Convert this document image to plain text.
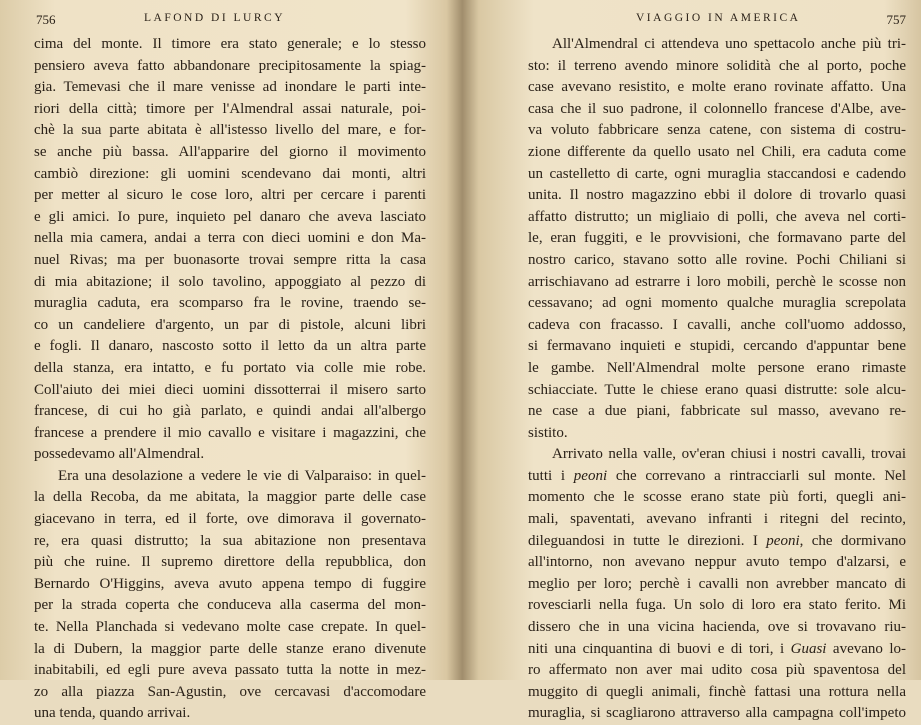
756	LAFOND DI LURCY
cima del monte. Il timore era stato generale; e lo stesso
pensiero aveva fatto abbandonare precipitosamente la spiag-
gia. Temevasi che il mare venisse ad inondare le parti inte-
riori della città; timore per l'Almendral assai naturale, poi-
chè la sua parte abitata è all'istesso livello del mare, e for-
se anche più bassa. All'apparire del giorno il movimento
cambiò direzione: gli uomini scendevano dai monti, altri
per metter al sicuro le cose loro, altri per cercare i parenti
e gli amici. Io pure, inquieto pel danaro che aveva lasciato
nella mia camera, andai a terra con dieci uomini e don Ma-
nuel Rivas; ma per buonasorte trovai sempre ritta la casa
di mia abitazione; il solo tavolino, appoggiato al pezzo di
muraglia caduta, era scomparso fra le rovine, traendo se-
co un candeliere d'argento, un par di pistole, alcuni libri
e fogli. Il danaro, nascosto sotto il letto da un altra parte
della stanza, era intatto, e fu portato via colle mie robe.
Coll'aiuto dei miei dieci uomini dissotterrai il misero sarto
francese, di cui ho già parlato, e quindi andai all'albergo
francese a prendere il mio cavallo e visitare i magazzini, che
possedevamo all'Almendral.
Era una desolazione a vedere le vie di Valparaiso: in quel-
la della Recoba, da me abitata, la maggior parte delle case
giacevano in terra, ed il forte, ove dimorava il governato-
re, era quasi distrutto; la sua abitazione non presentava
più che ruine. Il supremo direttore della repubblica, don
Bernardo O'Higgins, aveva avuto appena tempo di fuggire
per la strada coperta che conduceva alla caserma del mon-
te. Nella Planchada si vedevano molte case crepate. In quel-
la di Dubern, la maggior parte delle stanze erano divenute
inabitabili, ed egli pure aveva passato tutta la notte in mez-
zo alla piazza San-Agustin, ove cercavasi d'accomodare
una tenda, quando arrivai.
VIAGGIO IN AMERICA	757
All'Almendral ci attendeva uno spettacolo anche più tri-
sto: il terreno avendo minore solidità che al porto, poche
case avevano resistito, e molte erano rovinate affatto. Una
casa che il suo padrone, il colonnello francese d'Albe, ave-
va voluto fabbricare senza catene, con sistema di costru-
zione differente da quello usato nel Chili, era caduta come
un castelletto di carte, ogni muraglia staccandosi e cadendo
unita. Il nostro magazzino ebbi il dolore di trovarlo quasi
affatto distrutto; un migliaio di polli, che aveva nel corti-
le, eran fuggiti, e le provvisioni, che formavano parte del
nostro carico, stavano sotto alle rovine. Pochi Chiliani si
arrischiavano ad estrarre i loro mobili, perchè le scosse non
cessavano; ad ogni momento qualche muraglia screpolata
cadeva con fracasso. I cavalli, anche coll'uomo addosso,
si fermavano inquieti e stupidi, cercando d'appuntar bene
le gambe. Nell'Almendral molte persone erano rimaste
schiacciate. Tutte le chiese erano quasi distrutte: sole alcu-
ne case a due piani, fabbricate sul masso, avevano re-
sistito.
Arrivato nella valle, ov'eran chiusi i nostri cavalli, trovai
tutti i peoni che correvano a rintracciarli sul monte. Nel
momento che le scosse erano state più forti, quegli ani-
mali, spaventati, avevano infranti i ritegni del recinto,
dileguandosi in tutte le direzioni. I peoni, che dormivano
all'intorno, non avevano neppur avuto tempo d'alzarsi, e
meglio per loro; perchè i cavalli non avrebber mancato di
rovesciarli nella fuga. Un solo di loro era stato ferito. Mi
dissero che in una vicina hacienda, ove si trovavano riu-
niti una cinquantina di buovi e di tori, i Guasi avevano lo-
ro affermato non aver mai udito cosa più spaventosa del
muggito di quegli animali, finchè fattasi una rottura nella
muraglia, si scagliarono attraverso alla campagna coll'impeto
